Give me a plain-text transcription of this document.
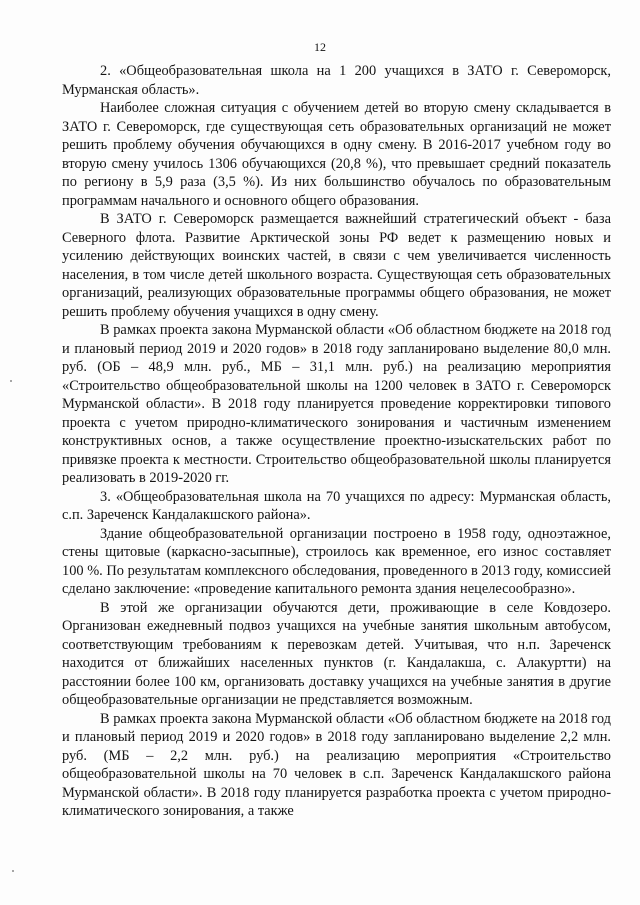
12

2. «Общеобразовательная школа на 1 200 учащихся в ЗАТО г. Североморск, Мурманская область».

Наиболее сложная ситуация с обучением детей во вторую смену складывается в ЗАТО г. Североморск, где существующая сеть образовательных организаций не может решить проблему обучения обучающихся в одну смену. В 2016-2017 учебном году во вторую смену училось 1306 обучающихся (20,8 %), что превышает средний показатель по региону в 5,9 раза (3,5 %). Из них большинство обучалось по образовательным программам начального и основного общего образования.

В ЗАТО г. Североморск размещается важнейший стратегический объект - база Северного флота. Развитие Арктической зоны РФ ведет к размещению новых и усилению действующих воинских частей, в связи с чем увеличивается численность населения, в том числе детей школьного возраста. Существующая сеть образовательных организаций, реализующих образовательные программы общего образования, не может решить проблему обучения учащихся в одну смену.

В рамках проекта закона Мурманской области «Об областном бюджете на 2018 год и плановый период 2019 и 2020 годов» в 2018 году запланировано выделение 80,0 млн. руб. (ОБ – 48,9 млн. руб., МБ – 31,1 млн. руб.) на реализацию мероприятия «Строительство общеобразовательной школы на 1200 человек в ЗАТО г. Североморск Мурманской области». В 2018 году планируется проведение корректировки типового проекта с учетом природно-климатического зонирования и частичным изменением конструктивных основ, а также осуществление проектно-изыскательских работ по привязке проекта к местности. Строительство общеобразовательной школы планируется реализовать в 2019-2020 гг.

3. «Общеобразовательная школа на 70 учащихся по адресу: Мурманская область, с.п. Зареченск Кандалакшского района».

Здание общеобразовательной организации построено в 1958 году, одноэтажное, стены щитовые (каркасно-засыпные), строилось как временное, его износ составляет 100 %. По результатам комплексного обследования, проведенного в 2013 году, комиссией сделано заключение: «проведение капитального ремонта здания нецелесообразно».

В этой же организации обучаются дети, проживающие в селе Ковдозеро. Организован ежедневный подвоз учащихся на учебные занятия школьным автобусом, соответствующим требованиям к перевозкам детей. Учитывая, что н.п. Зареченск находится от ближайших населенных пунктов (г. Кандалакша, с. Алакуртти) на расстоянии более 100 км, организовать доставку учащихся на учебные занятия в другие общеобразовательные организации не представляется возможным.

В рамках проекта закона Мурманской области «Об областном бюджете на 2018 год и плановый период 2019 и 2020 годов» в 2018 году запланировано выделение 2,2 млн. руб. (МБ – 2,2 млн. руб.) на реализацию мероприятия «Строительство общеобразовательной школы на 70 человек в с.п. Зареченск Кандалакшского района Мурманской области». В 2018 году планируется разработка проекта с учетом природно-климатического зонирования, а также
